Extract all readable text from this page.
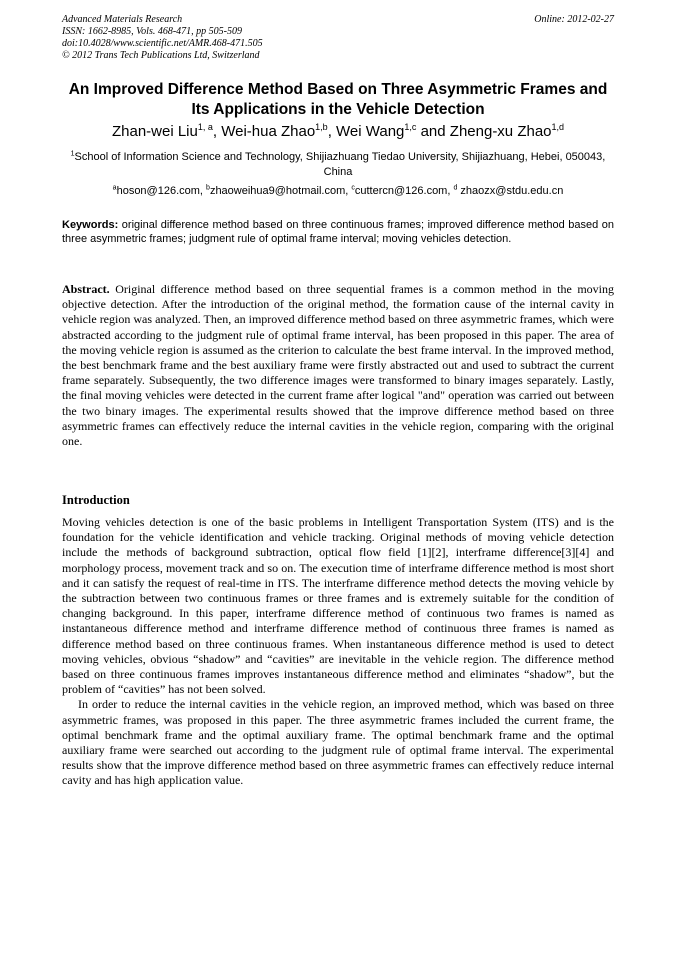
Advanced Materials Research
ISSN: 1662-8985, Vols. 468-471, pp 505-509
doi:10.4028/www.scientific.net/AMR.468-471.505
© 2012 Trans Tech Publications Ltd, Switzerland
Online: 2012-02-27
An Improved Difference Method Based on Three Asymmetric Frames and Its Applications in the Vehicle Detection
Zhan-wei Liu$^{1, a}$, Wei-hua Zhao$^{1,b}$, Wei Wang$^{1,c}$ and Zheng-xu Zhao$^{1,d}$
$^1$School of Information Science and Technology, Shijiazhuang Tiedao University, Shijiazhuang, Hebei, 050043, China
$^a$hoson@126.com, $^b$zhaoweihua9@hotmail.com, $^c$cuttercn@126.com, $^d$ zhaozx@stdu.edu.cn
Keywords: original difference method based on three continuous frames; improved difference method based on three asymmetric frames; judgment rule of optimal frame interval; moving vehicles detection.
Abstract. Original difference method based on three sequential frames is a common method in the moving objective detection. After the introduction of the original method, the formation cause of the internal cavity in vehicle region was analyzed. Then, an improved difference method based on three asymmetric frames, which were abstracted according to the judgment rule of optimal frame interval, has been proposed in this paper. The area of the moving vehicle region is assumed as the criterion to calculate the best frame interval. In the improved method, the best benchmark frame and the best auxiliary frame were firstly abstracted out and used to subtract the current frame separately. Subsequently, the two difference images were transformed to binary images separately. Lastly, the final moving vehicles were detected in the current frame after logical "and" operation was carried out between the two binary images. The experimental results showed that the improve difference method based on three asymmetric frames can effectively reduce the internal cavities in the vehicle region, comparing with the original one.
Introduction

Moving vehicles detection is one of the basic problems in Intelligent Transportation System (ITS) and is the foundation for the vehicle identification and vehicle tracking. Original methods of moving vehicle detection include the methods of background subtraction, optical flow field [1][2], interframe difference[3][4] and morphology process, movement track and so on. The execution time of interframe difference method is most short and it can satisfy the request of real-time in ITS. The interframe difference method detects the moving vehicle by the subtraction between two continuous frames or three frames and is extremely suitable for the condition of changing background. In this paper, interframe difference method of continuous two frames is named as instantaneous difference method and interframe difference method of continuous three frames is named as difference method based on three continuous frames. When instantaneous difference method is used to detect moving vehicles, obvious “shadow” and “cavities” are inevitable in the vehicle region. The difference method based on three continuous frames improves instantaneous difference method and eliminates “shadow”, but the problem of “cavities” has not been solved.

In order to reduce the internal cavities in the vehicle region, an improved method, which was based on three asymmetric frames, was proposed in this paper. The three asymmetric frames included the current frame, the optimal benchmark frame and the optimal auxiliary frame. The optimal benchmark frame and the optimal auxiliary frame were searched out according to the judgment rule of optimal frame interval. The experimental results show that the improve difference method based on three asymmetric frames can effectively reduce internal cavity and has high application value.
